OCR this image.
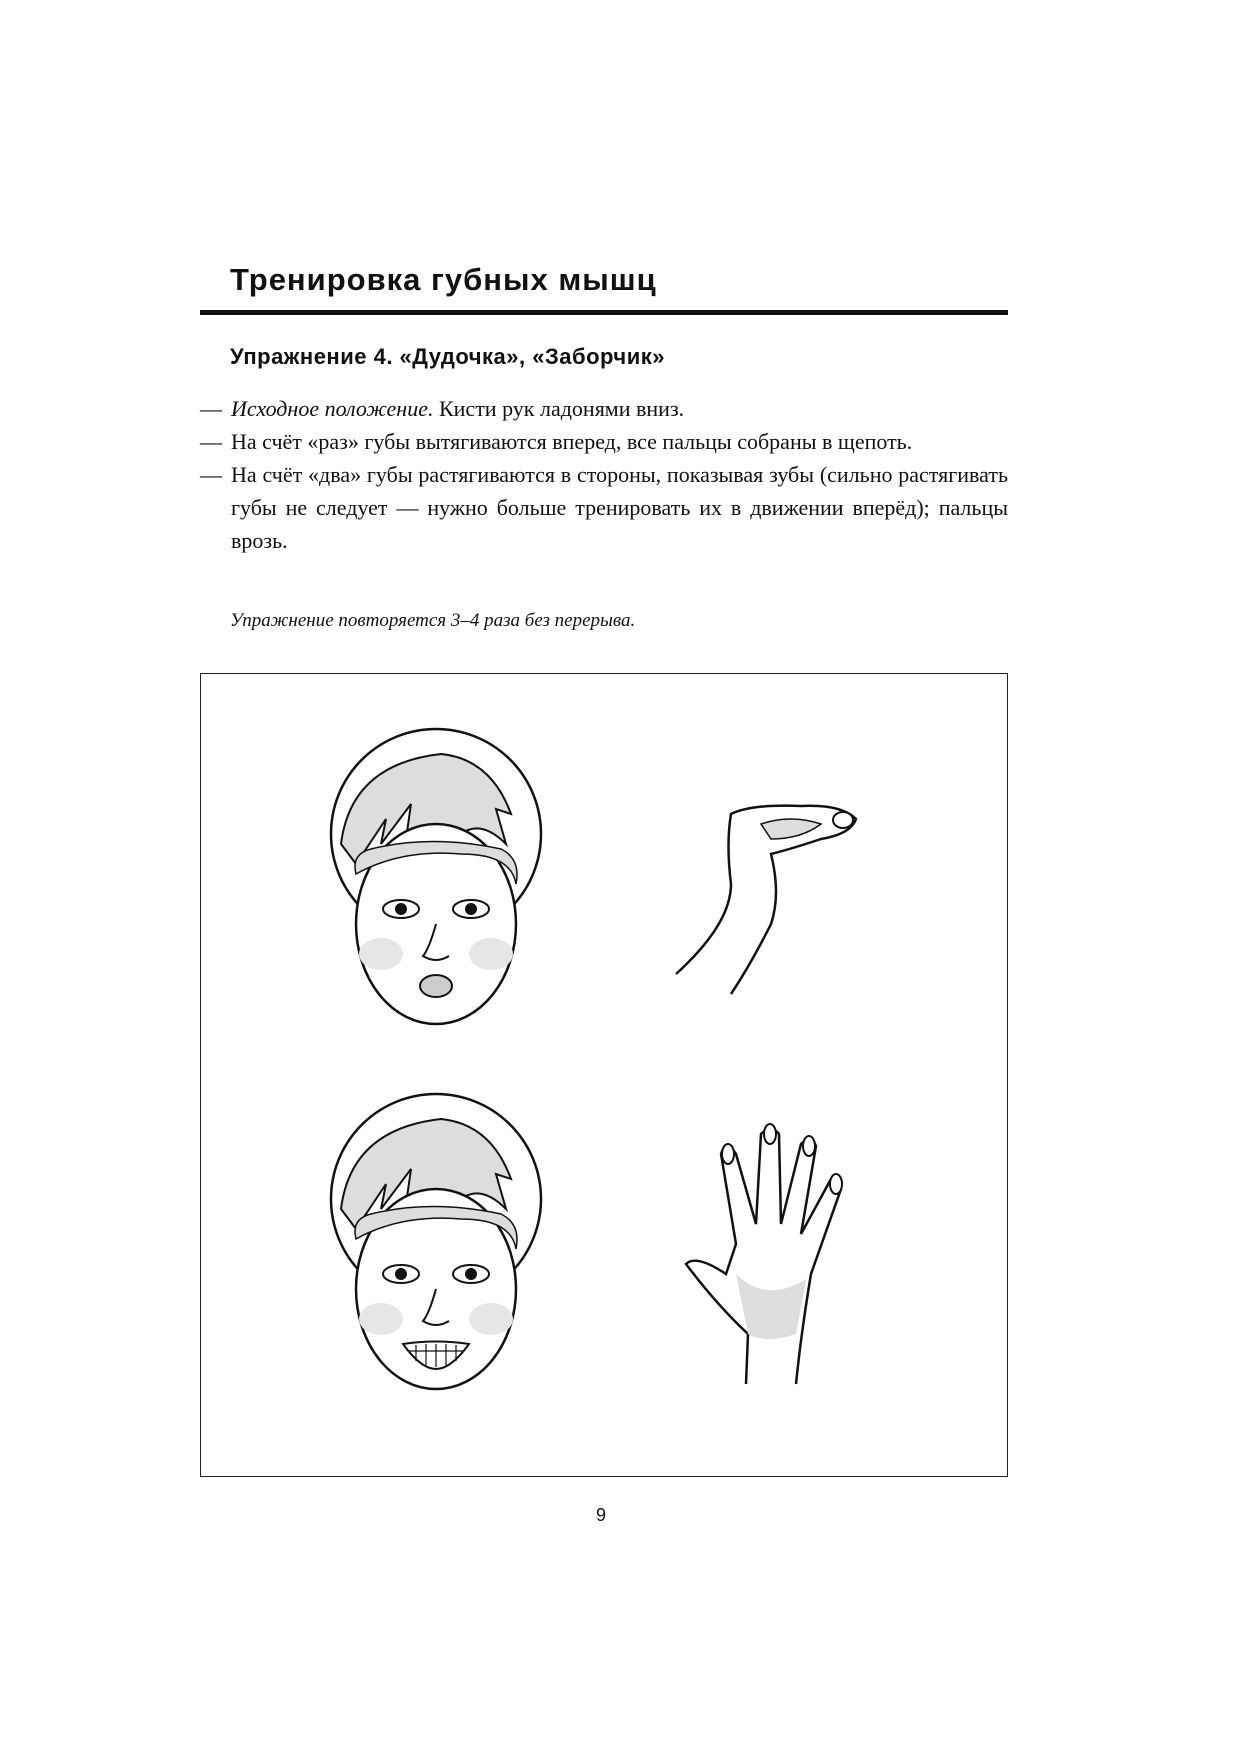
Тренировка губных мышц
Упражнение 4. «Дудочка», «Заборчик»
— Исходное положение. Кисти рук ладонями вниз.
— На счёт «раз» губы вытягиваются вперед, все пальцы собраны в щепоть.
— На счёт «два» губы растягиваются в стороны, показывая зубы (сильно растягивать губы не следует — нужно больше тренировать их в движении вперёд); пальцы врозь.
Упражнение повторяется 3–4 раза без перерыва.
9
